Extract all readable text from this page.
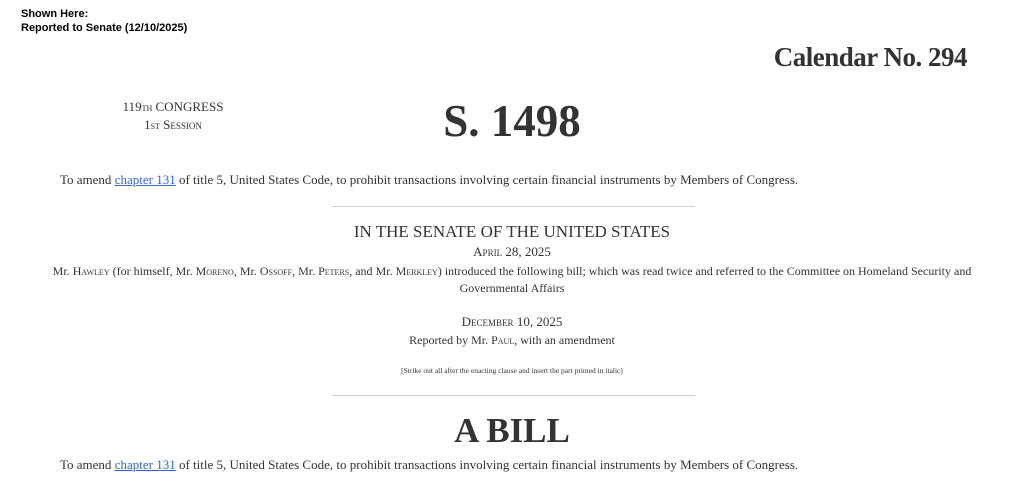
Shown Here:
Reported to Senate (12/10/2025)
Calendar No. 294
119th CONGRESS
1st Session	S. 1498
To amend chapter 131 of title 5, United States Code, to prohibit transactions involving certain financial instruments by Members of Congress.
IN THE SENATE OF THE UNITED STATES
April 28, 2025
Mr. Hawley (for himself, Mr. Moreno, Mr. Ossoff, Mr. Peters, and Mr. Merkley) introduced the following bill; which was read twice and referred to the Committee on Homeland Security and Governmental Affairs
December 10, 2025
Reported by Mr. Paul, with an amendment
[Strike out all after the enacting clause and insert the part printed in italic]
A BILL
To amend chapter 131 of title 5, United States Code, to prohibit transactions involving certain financial instruments by Members of Congress.
